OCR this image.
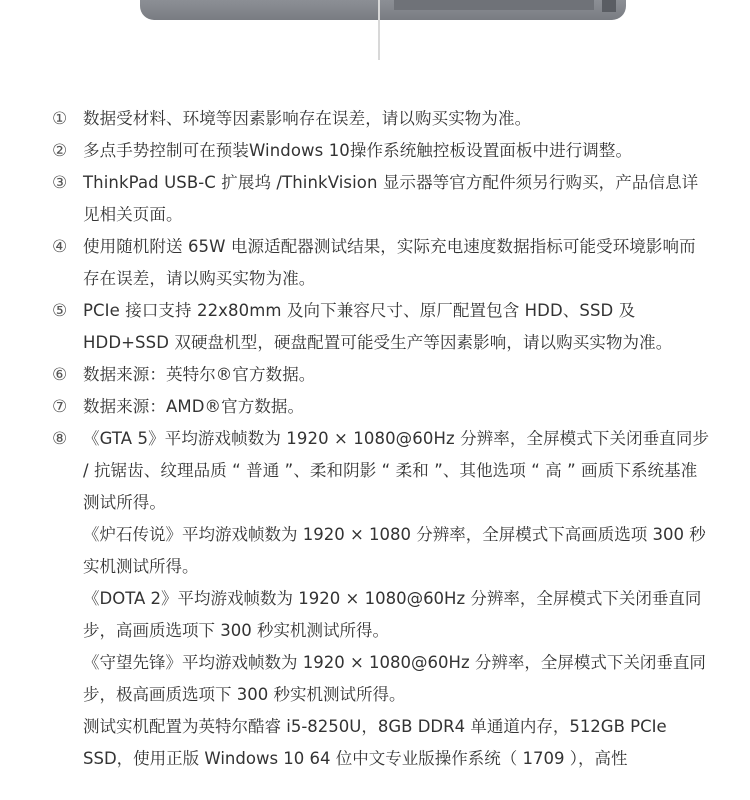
① 数据受材料、环境等因素影响存在误差，请以购买实物为准。
② 多点手势控制可在预装Windows 10操作系统触控板设置面板中进行调整。
③ ThinkPad USB-C 扩展坞 /ThinkVision 显示器等官方配件须另行购买，产品信息详见相关页面。
④ 使用随机附送 65W 电源适配器测试结果，实际充电速度数据指标可能受环境影响而存在误差，请以购买实物为准。
⑤ PCIe 接口支持 22x80mm 及向下兼容尺寸、原厂配置包含 HDD、SSD 及 HDD+SSD 双硬盘机型，硬盘配置可能受生产等因素影响，请以购买实物为准。
⑥ 数据来源：英特尔®官方数据。
⑦ 数据来源：AMD®官方数据。
⑧ 《GTA 5》平均游戏帧数为 1920 × 1080@60Hz 分辨率，全屏模式下关闭垂直同步 / 抗锯齿、纹理品质 “ 普通 ”、柔和阴影 “ 柔和 ”、其他选项 “ 高 ” 画质下系统基准测试所得。
《炉石传说》平均游戏帧数为 1920 × 1080 分辨率，全屏模式下高画质选项 300 秒实机测试所得。
《DOTA 2》平均游戏帧数为 1920 × 1080@60Hz 分辨率，全屏模式下关闭垂直同步，高画质选项下 300 秒实机测试所得。
《守望先锋》平均游戏帧数为 1920 × 1080@60Hz 分辨率，全屏模式下关闭垂直同步，极高画质选项下 300 秒实机测试所得。
测试实机配置为英特尔酷睿 i5-8250U，8GB DDR4 单通道内存，512GB PCIe SSD，使用正版 Windows 10 64 位中文专业版操作系统（ 1709 ），高性
